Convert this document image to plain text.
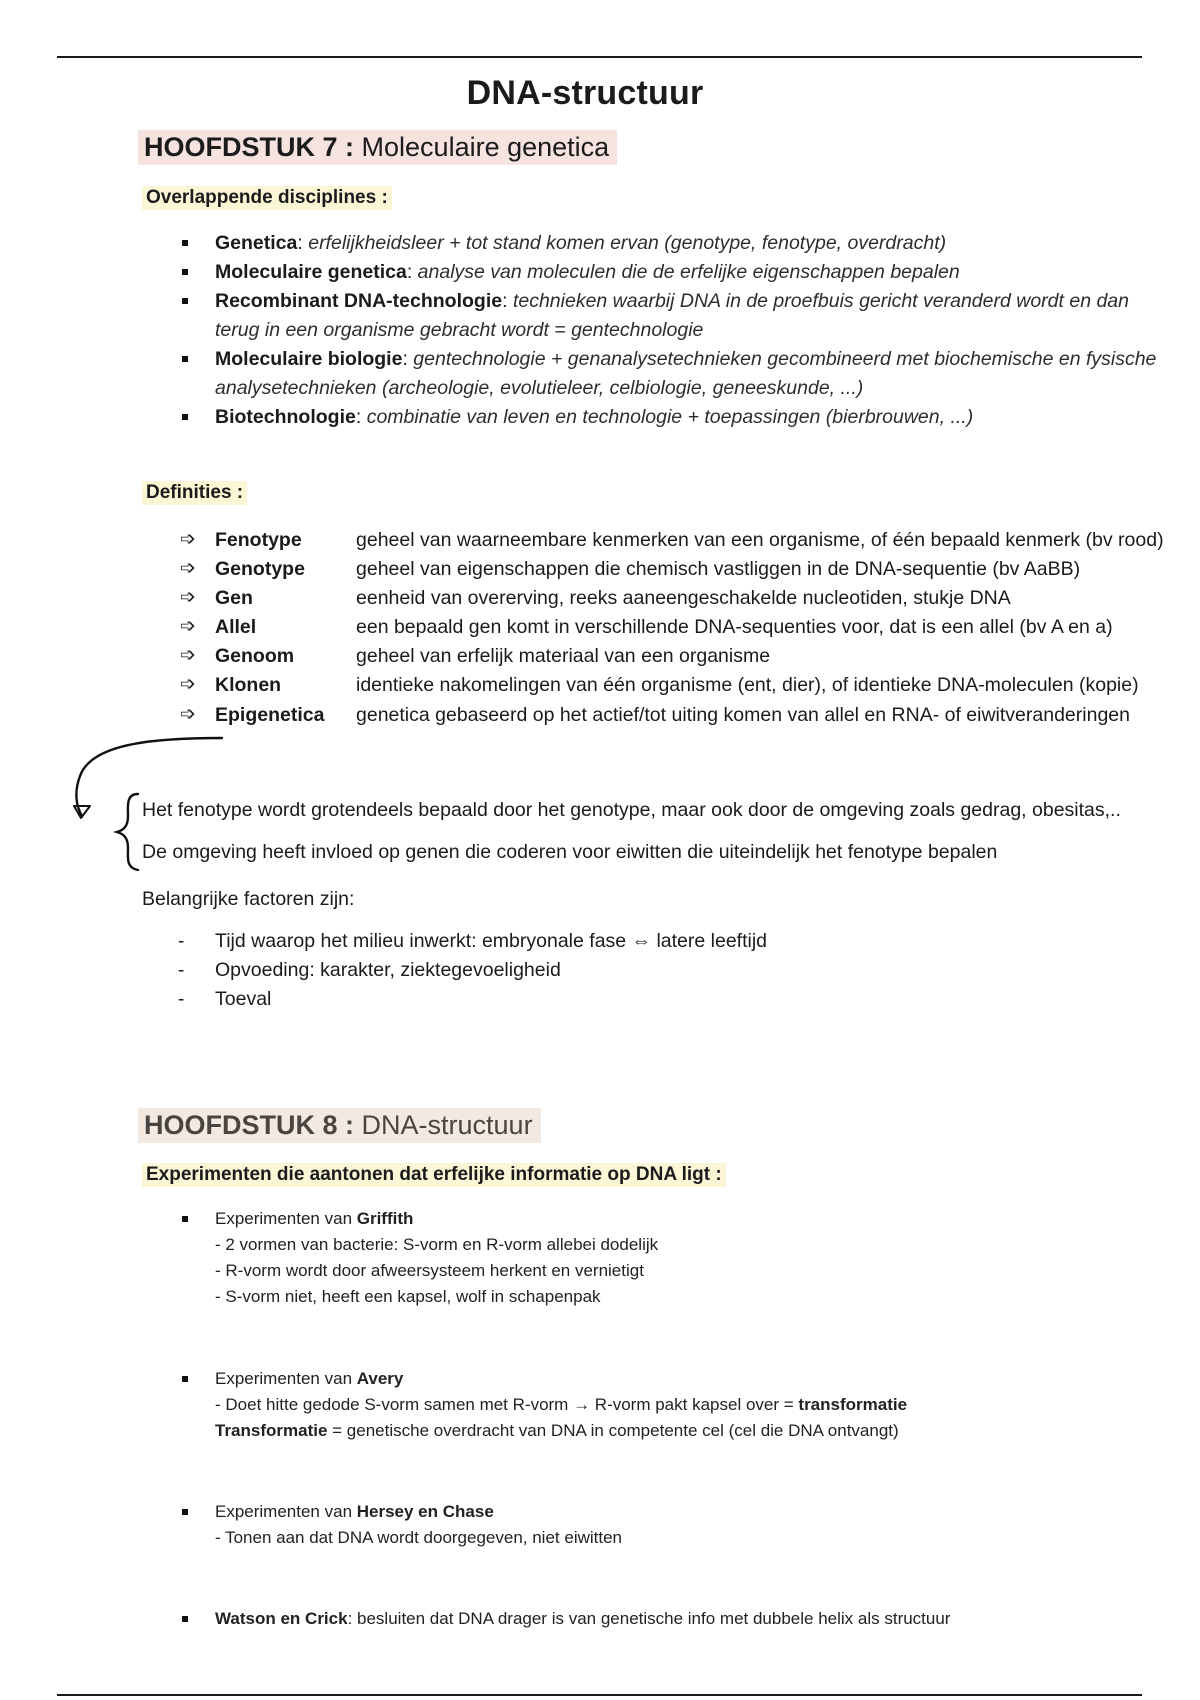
DNA-structuur
HOOFDSTUK 7 : Moleculaire genetica
Overlappende disciplines :
Genetica: erfelijkheidsleer + tot stand komen ervan (genotype, fenotype, overdracht)
Moleculaire genetica: analyse van moleculen die de erfelijke eigenschappen bepalen
Recombinant DNA-technologie: technieken waarbij DNA in de proefbuis gericht veranderd wordt en dan
terug in een organisme gebracht wordt = gentechnologie
Moleculaire biologie: gentechnologie + genanalysetechnieken gecombineerd met biochemische en fysische
analysetechnieken (archeologie, evolutieleer, celbiologie, geneeskunde, ...)
Biotechnologie: combinatie van leven en technologie + toepassingen (bierbrouwen, ...)
Definities :
➩ Fenotype	geheel van waarneembare kenmerken van een organisme, of één bepaald kenmerk (bv rood)
➩ Genotype	geheel van eigenschappen die chemisch vastliggen in de DNA-sequentie (bv AaBB)
➩ Gen	eenheid van overerving, reeks aaneengeschakelde nucleotiden, stukje DNA
➩ Allel	een bepaald gen komt in verschillende DNA-sequenties voor, dat is een allel (bv A en a)
➩ Genoom	geheel van erfelijk materiaal van een organisme
➩ Klonen	identieke nakomelingen van één organisme (ent, dier), of identieke DNA-moleculen (kopie)
➩ Epigenetica genetica gebaseerd op het actief/tot uiting komen van allel en RNA- of eiwitveranderingen
Het fenotype wordt grotendeels bepaald door het genotype, maar ook door de omgeving zoals gedrag, obesitas,..
De omgeving heeft invloed op genen die coderen voor eiwitten die uiteindelijk het fenotype bepalen
Belangrijke factoren zijn:
- Tijd waarop het milieu inwerkt: embryonale fase ⇔ latere leeftijd
- Opvoeding: karakter, ziektegevoeligheid
- Toeval
HOOFDSTUK 8 : DNA-structuur
Experimenten die aantonen dat erfelijke informatie op DNA ligt :
Experimenten van Griffith
- 2 vormen van bacterie: S-vorm en R-vorm allebei dodelijk
- R-vorm wordt door afweersysteem herkent en vernietigt
- S-vorm niet, heeft een kapsel, wolf in schapenpak
Experimenten van Avery
- Doet hitte gedode S-vorm samen met R-vorm → R-vorm pakt kapsel over = transformatie
Transformatie = genetische overdracht van DNA in competente cel (cel die DNA ontvangt)
Experimenten van Hersey en Chase
- Tonen aan dat DNA wordt doorgegeven, niet eiwitten
Watson en Crick: besluiten dat DNA drager is van genetische info met dubbele helix als structuur
